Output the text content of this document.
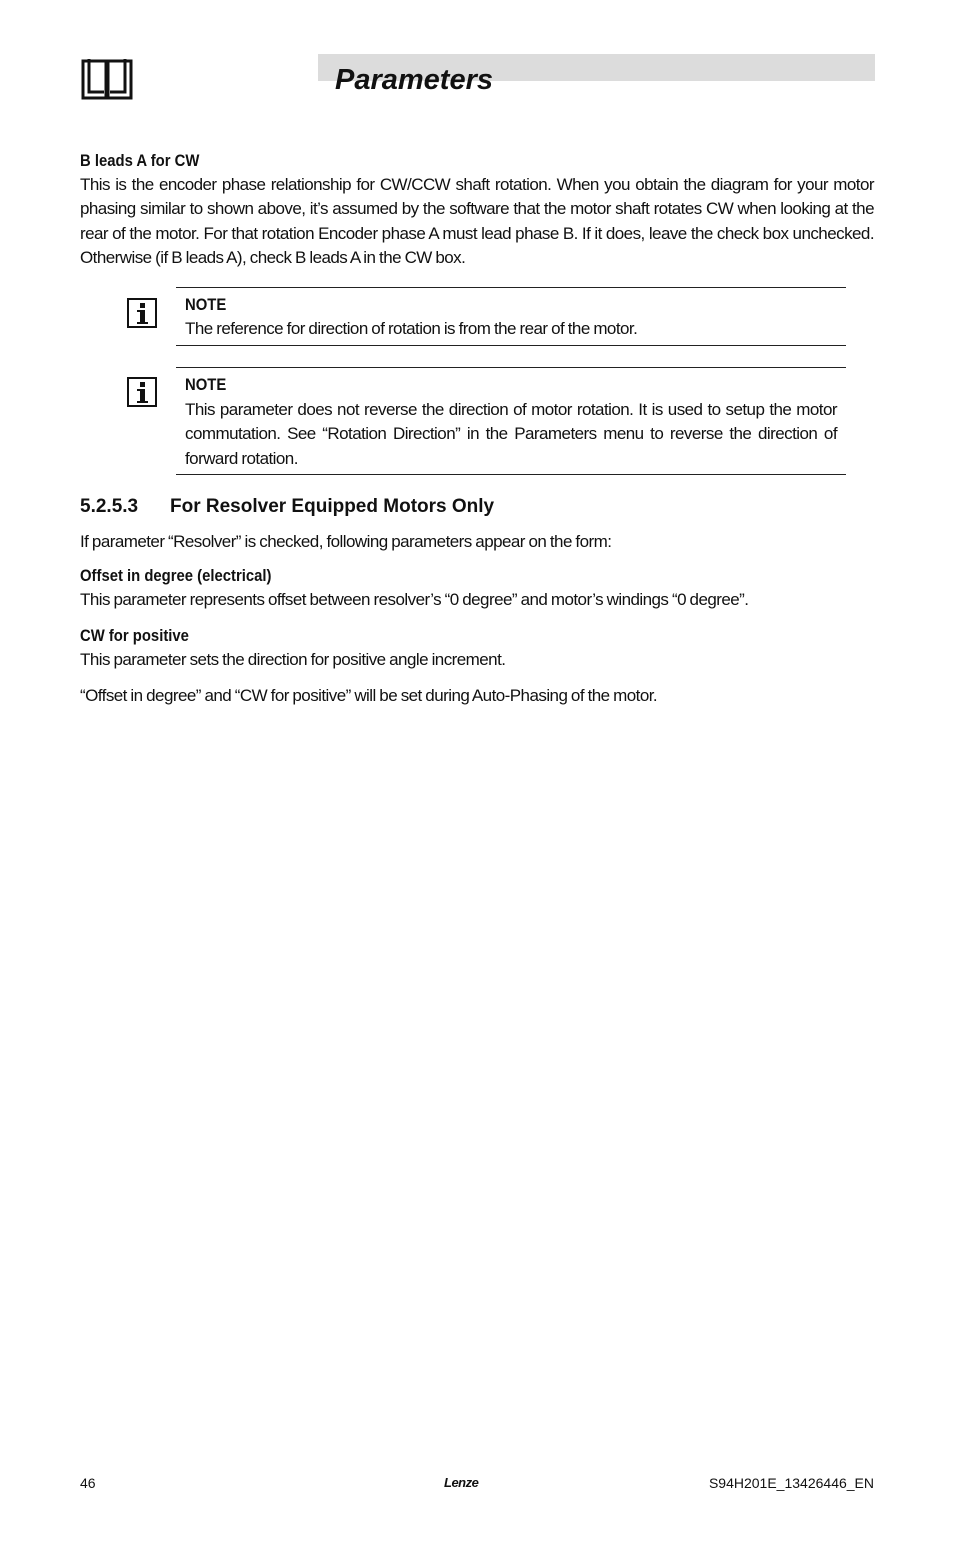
Parameters

B leads A for CW

This is the encoder phase relationship for CW/CCW shaft rotation. When you obtain the diagram for your motor phasing similar to shown above, it’s assumed by the software that the motor shaft rotates CW when looking at the rear of the motor. For that rotation Encoder phase A must lead phase B. If it does, leave the check box unchecked. Otherwise (if B leads A), check B leads A in the CW box.

NOTE

The reference for direction of rotation is from the rear of the motor.

NOTE

This parameter does not reverse the direction of motor rotation. It is used to setup the motor commutation. See “Rotation Direction” in the Parameters menu to reverse the direction of forward rotation.

5.2.5.3 For Resolver Equipped Motors Only

If parameter “Resolver” is checked, following parameters appear on the form:

Offset in degree (electrical)

This parameter represents offset between resolver’s “0 degree” and motor’s windings “0 degree”.

CW for positive

This parameter sets the direction for positive angle increment.

“Offset in degree” and “CW for positive” will be set during Auto-Phasing of the motor.

46	Lenze	S94H201E_13426446_EN
